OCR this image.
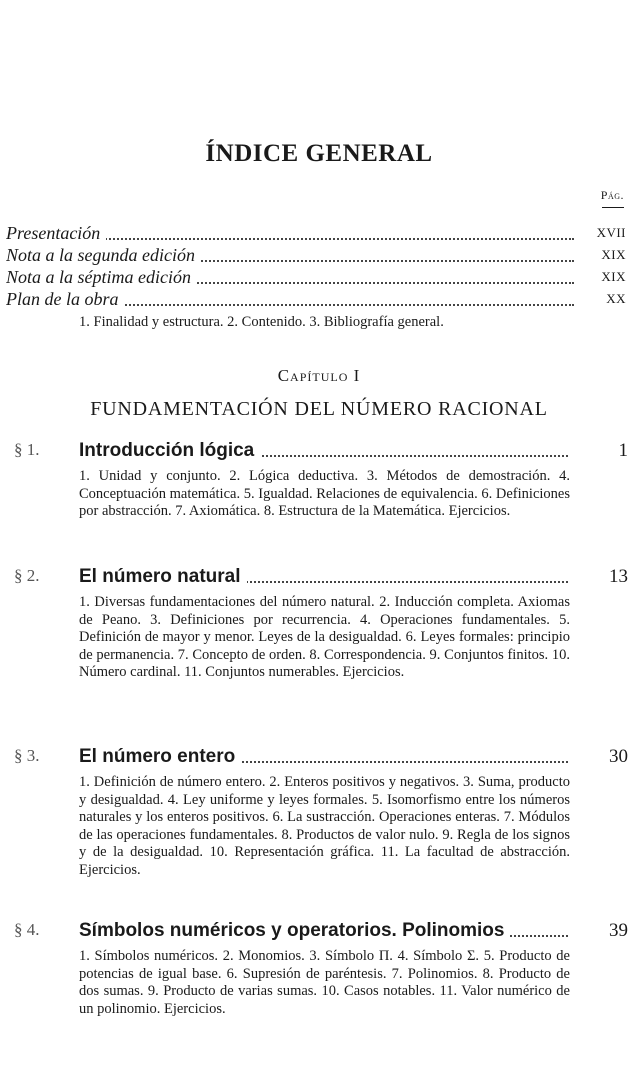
ÍNDICE GENERAL
Pág.
Presentación	XVII
Nota a la segunda edición	XIX
Nota a la séptima edición	XIX
Plan de la obra	XX
1. Finalidad y estructura. 2. Contenido. 3. Bibliografía general.
Capítulo I
FUNDAMENTACIÓN DEL NÚMERO RACIONAL
§ 1. Introducción lógica	1
1. Unidad y conjunto. 2. Lógica deductiva. 3. Métodos de demostración. 4. Conceptuación matemática. 5. Igualdad. Relaciones de equivalencia. 6. Definiciones por abstracción. 7. Axiomática. 8. Estructura de la Matemática. Ejercicios.
§ 2. El número natural	13
1. Diversas fundamentaciones del número natural. 2. Inducción completa. Axiomas de Peano. 3. Definiciones por recurrencia. 4. Operaciones fundamentales. 5. Definición de mayor y menor. Leyes de la desigualdad. 6. Leyes formales: principio de permanencia. 7. Concepto de orden. 8. Correspondencia. 9. Conjuntos finitos. 10. Número cardinal. 11. Conjuntos numerables. Ejercicios.
§ 3. El número entero	30
1. Definición de número entero. 2. Enteros positivos y negativos. 3. Suma, producto y desigualdad. 4. Ley uniforme y leyes formales. 5. Isomorfismo entre los números naturales y los enteros positivos. 6. La sustracción. Operaciones enteras. 7. Módulos de las operaciones fundamentales. 8. Productos de valor nulo. 9. Regla de los signos y de la desigualdad. 10. Representación gráfica. 11. La facultad de abstracción. Ejercicios.
§ 4. Símbolos numéricos y operatorios. Polinomios	39
1. Símbolos numéricos. 2. Monomios. 3. Símbolo Π. 4. Símbolo Σ. 5. Producto de potencias de igual base. 6. Supresión de paréntesis. 7. Polinomios. 8. Producto de dos sumas. 9. Producto de varias sumas. 10. Casos notables. 11. Valor numérico de un polinomio. Ejercicios.
